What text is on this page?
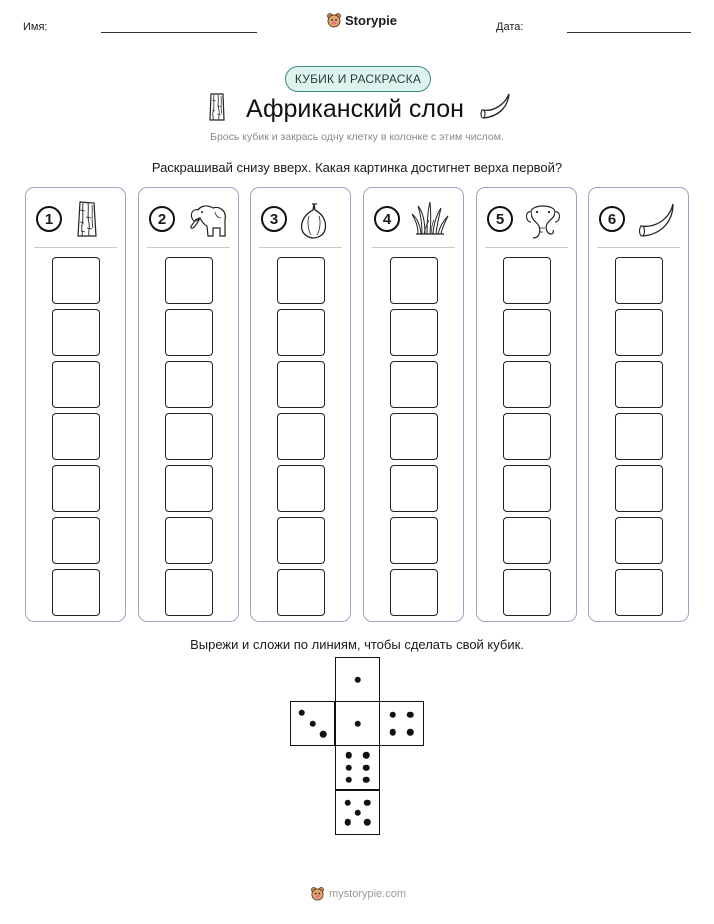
Имя:	Storypie	Дата:
КУБИК И РАСКРАСКА
Африканский слон
Брось кубик и закрась одну клетку в колонке с этим числом.
Раскрашивай снизу вверх. Какая картинка достигнет верха первой?
1	2	3	4	5	6
Вырежи и сложи по линиям, чтобы сделать свой кубик.
mystorypie.com
